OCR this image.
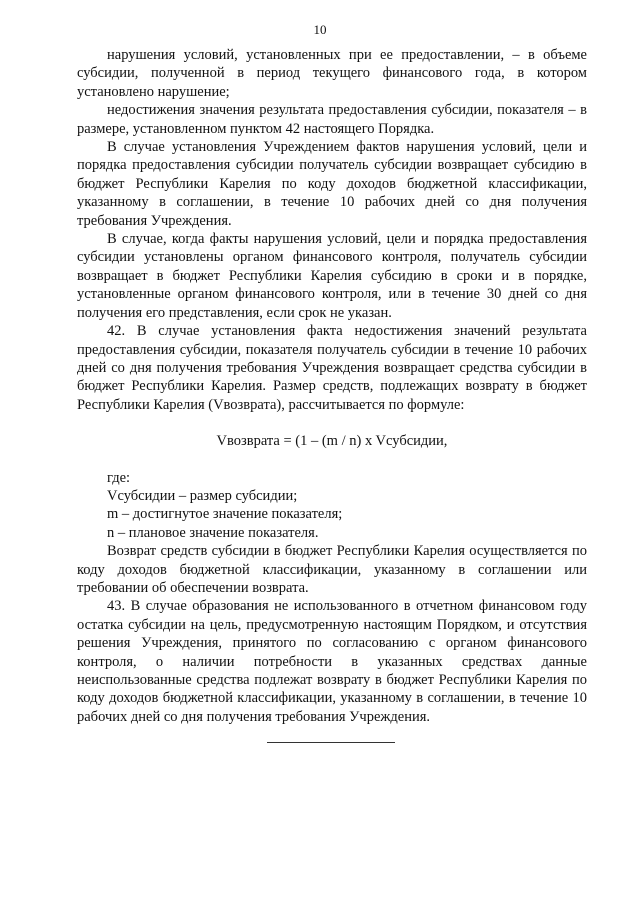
10

нарушения условий, установленных при ее предоставлении, – в объеме субсидии, полученной в период текущего финансового года, в котором установлено нарушение;

недостижения значения результата предоставления субсидии, показателя – в размере, установленном пунктом 42 настоящего Порядка.

В случае установления Учреждением фактов нарушения условий, цели и порядка предоставления субсидии получатель субсидии возвращает субсидию в бюджет Республики Карелия по коду доходов бюджетной классификации, указанному в соглашении, в течение 10 рабочих дней со дня получения требования Учреждения.

В случае, когда факты нарушения условий, цели и порядка предоставления субсидии установлены органом финансового контроля, получатель субсидии возвращает в бюджет Республики Карелия субсидию в сроки и в порядке, установленные органом финансового контроля, или в течение 30 дней со дня получения его представления, если срок не указан.

42. В случае установления факта недостижения значений результата предоставления субсидии, показателя получатель субсидии в течение 10 рабочих дней со дня получения требования Учреждения возвращает средства субсидии в бюджет Республики Карелия. Размер средств, подлежащих возврату в бюджет Республики Карелия (Vвозврата), рассчитывается по формуле:

Vвозврата = (1 – (m / n) x Vсубсидии,

где:

Vсубсидии – размер субсидии;

m – достигнутое значение показателя;

n – плановое значение показателя.

Возврат средств субсидии в бюджет Республики Карелия осуществляется по коду доходов бюджетной классификации, указанному в соглашении или требовании об обеспечении возврата.

43. В случае образования не использованного в отчетном финансовом году остатка субсидии на цель, предусмотренную настоящим Порядком, и отсутствия решения Учреждения, принятого по согласованию с органом финансового контроля, о наличии потребности в указанных средствах данные неиспользованные средства подлежат возврату в бюджет Республики Карелия по коду доходов бюджетной классификации, указанному в соглашении, в течение 10 рабочих дней со дня получения требования Учреждения.
